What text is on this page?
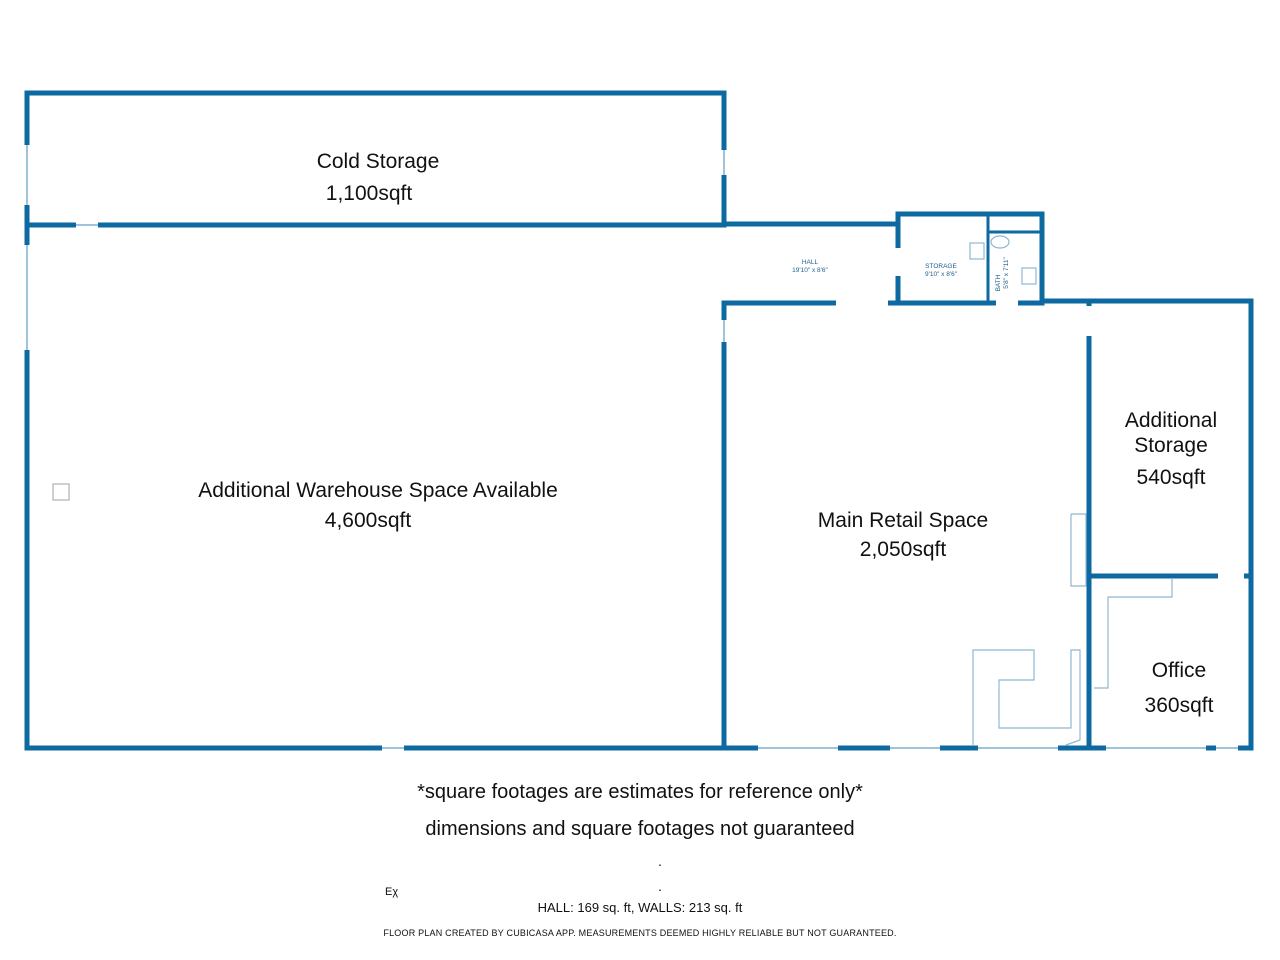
Cold Storage
1,100sqft
Additional Warehouse Space Available
4,600sqft	Main Retail Space
2,050sqft
Additional
Storage
540sqft
Office
360sqft
HALL
19'10" x 8'6"
STORAGE
9'10" x 8'6"
BATH 5'8" x 7'11"
*square footages are estimates for reference only*
dimensions and square footages not guaranteed
.
.
Eχ
HALL: 169 sq. ft, WALLS: 213 sq. ft
FLOOR PLAN CREATED BY CUBICASA APP. MEASUREMENTS DEEMED HIGHLY RELIABLE BUT NOT GUARANTEED.
